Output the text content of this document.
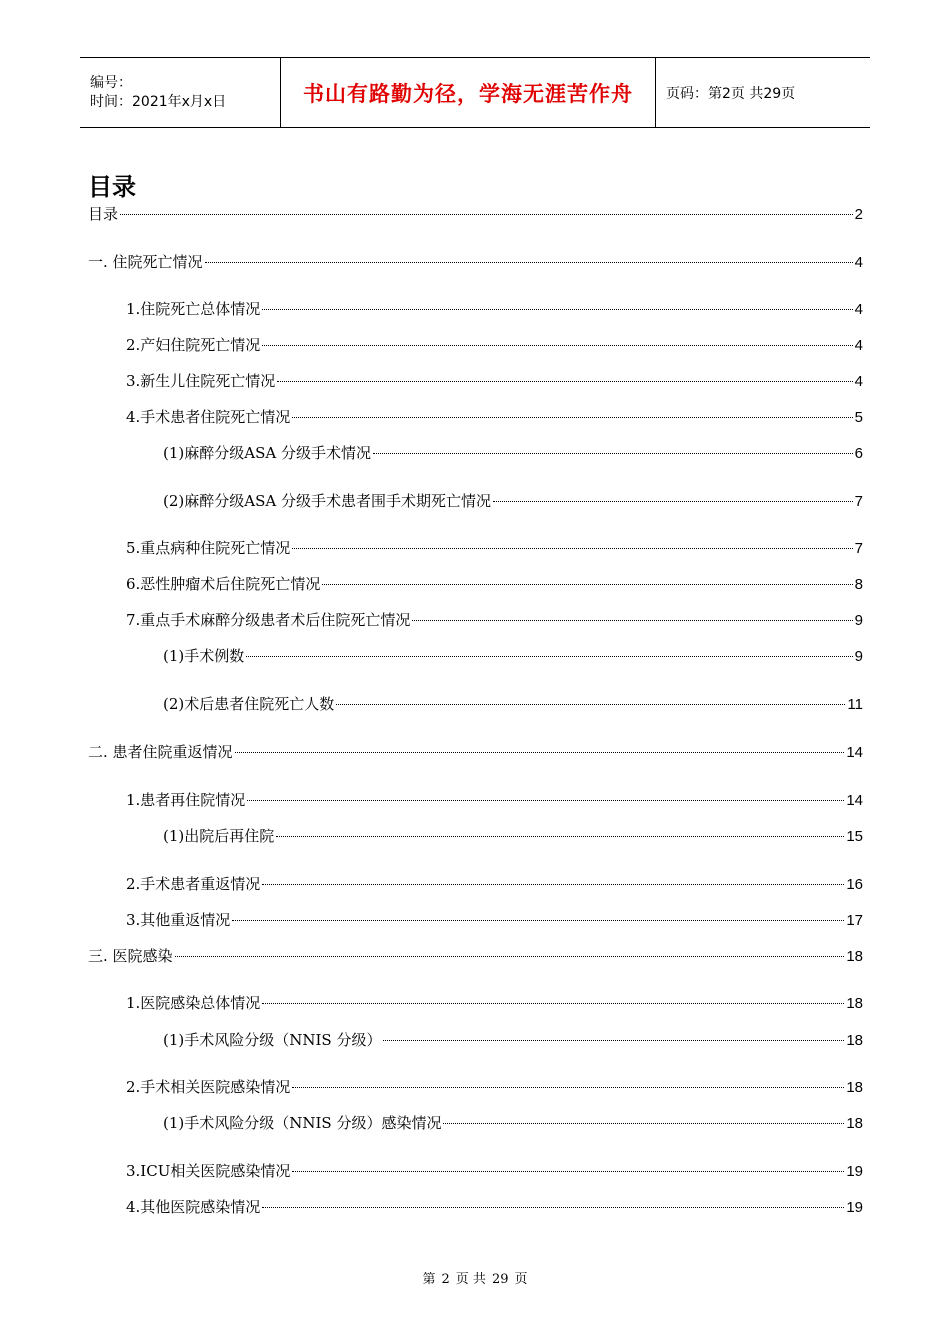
编号：
时间：2021年x月x日	书山有路勤为径，学海无涯苦作舟 页码：第2页 共29页
目录
目录	2
一. 住院死亡情况	4
1.住院死亡总体情况	4
2.产妇住院死亡情况	4
3.新生儿住院死亡情况	4
4.手术患者住院死亡情况	5
(1)麻醉分级ASA 分级手术情况	6
(2)麻醉分级ASA 分级手术患者围手术期死亡情况	7
5.重点病种住院死亡情况	7
6.恶性肿瘤术后住院死亡情况	8
7.重点手术麻醉分级患者术后住院死亡情况	9
(1)手术例数	9
(2)术后患者住院死亡人数	11
二. 患者住院重返情况	14
1.患者再住院情况	14
(1)出院后再住院	15
2.手术患者重返情况	16
3.其他重返情况	17
三. 医院感染	18
1.医院感染总体情况	18
(1)手术风险分级（NNIS 分级）	18
2.手术相关医院感染情况	18
(1)手术风险分级（NNIS 分级）感染情况	18
3.ICU相关医院感染情况	19
4.其他医院感染情况	19
第 2 页 共 29 页
